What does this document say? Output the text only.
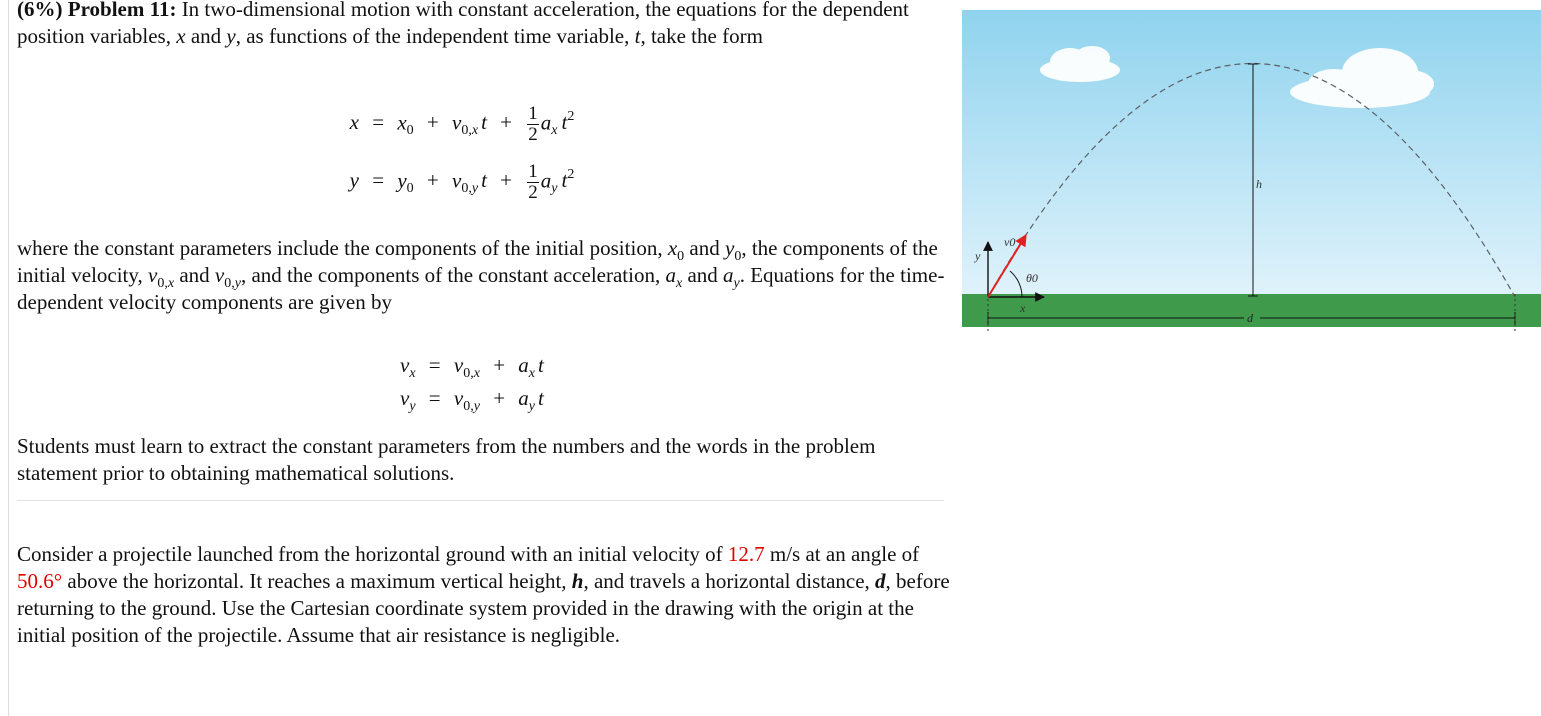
(6%) Problem 11: In two-dimensional motion with constant acceleration, the equations for the dependent position variables, x and y, as functions of the independent time variable, t, take the form

$x = x_0 + v_{0,x}$ $t + \frac{1}{2} a_x$ $t^2$
$y = y_0 + v_{0,y}$ $t + \frac{1}{2} a_y$ $t^2$

where the constant parameters include the components of the initial position, $x_0$ and $y_0$, the components of the initial velocity, $v_{0,x}$ and $v_{0,y}$, and the components of the constant acceleration, $a_x$ and $a_y$. Equations for the time-dependent velocity components are given by

$v_x = v_{0,x} + a_x$ t
$v_y = v_{0,y} + a_y$ t

Students must learn to extract the constant parameters from the numbers and the words in the problem statement prior to obtaining mathematical solutions.

Consider a projectile launched from the horizontal ground with an initial velocity of 12.7 m/s at an angle of 50.6° above the horizontal. It reaches a maximum vertical height, h, and travels a horizontal distance, d, before returning to the ground. Use the Cartesian coordinate system provided in the drawing with the origin at the initial position of the projectile. Assume that air resistance is negligible.

h
d
y
x
θ0
v0
